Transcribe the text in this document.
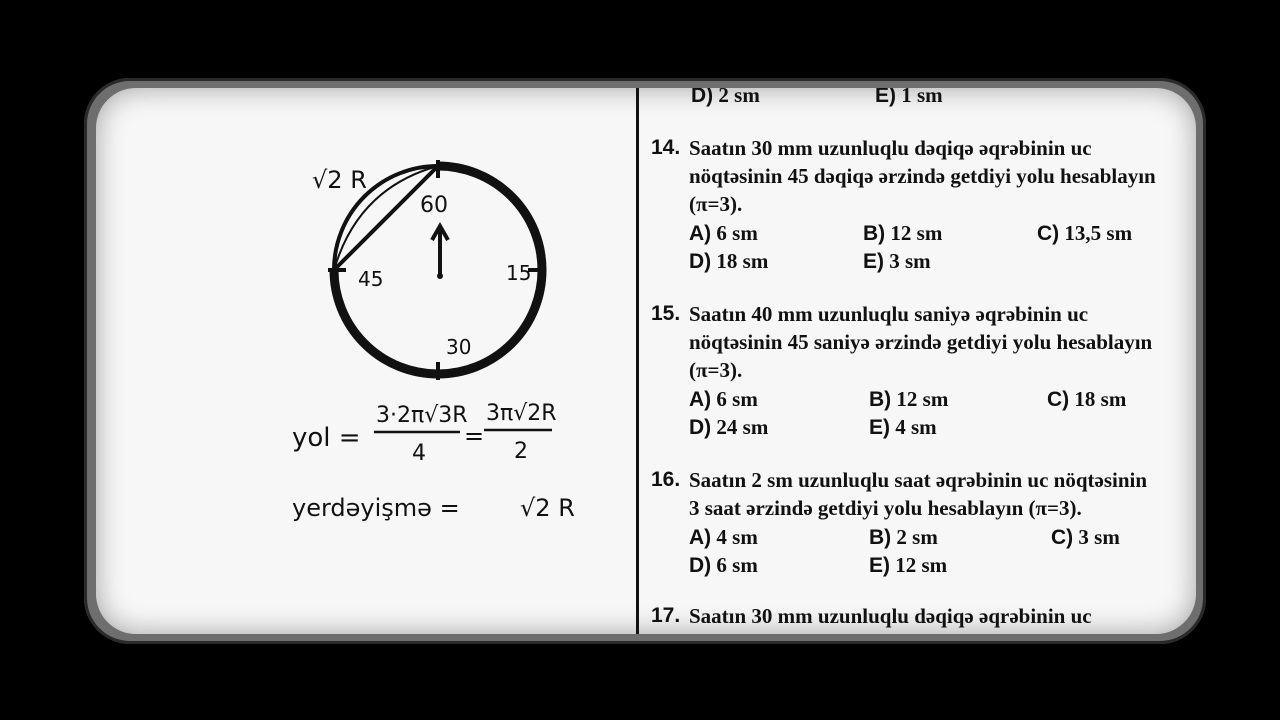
√2 R
60
15
30
45
yol =
3·2π√3R
4
=
3π√2R
2
yerdəyişmə =	√2 R
D) 2 sm	E) 1 sm
14. Saatın 30 mm uzunluqlu dəqiqə əqrəbinin uc
nöqtəsinin 45 dəqiqə ərzində getdiyi yolu hesablayın
(π=3).
A) 6 sm	B) 12 sm	C) 13,5 sm
D) 18 sm	E) 3 sm
15. Saatın 40 mm uzunluqlu saniyə əqrəbinin uc
nöqtəsinin 45 saniyə ərzində getdiyi yolu hesablayın
(π=3).
A) 6 sm	B) 12 sm	C) 18 sm
D) 24 sm	E) 4 sm
16. Saatın 2 sm uzunluqlu saat əqrəbinin uc nöqtəsinin
3 saat ərzində getdiyi yolu hesablayın (π=3).
A) 4 sm	B) 2 sm	C) 3 sm
D) 6 sm	E) 12 sm
17. Saatın 30 mm uzunluqlu dəqiqə əqrəbinin uc
